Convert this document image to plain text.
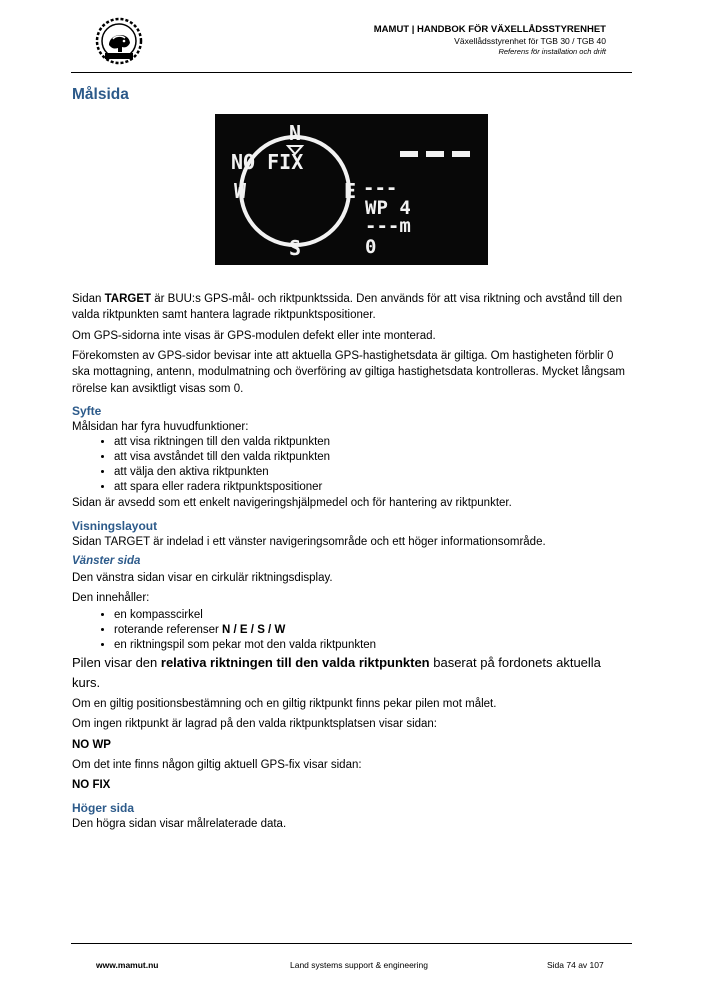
MAMUT | HANDBOK FÖR VÄXELLÅDSSTYRENHET
Växellådsstyrenhet för TGB 30 / TGB 40
Referens för installation och drift
Målsida
N
S
E
W
NO FIX
---
WP 4
---m
0

Sidan TARGET är BUU:s GPS-mål- och riktpunktssida. Den används för att visa riktning och avstånd till den valda riktpunkten samt hantera lagrade riktpunktspositioner.

Om GPS-sidorna inte visas är GPS-modulen defekt eller inte monterad.

Förekomsten av GPS-sidor bevisar inte att aktuella GPS-hastighetsdata är giltiga. Om hastigheten förblir 0 ska mottagning, antenn, modulmatning och överföring av giltiga hastighetsdata kontrolleras. Mycket långsam rörelse kan avsiktligt visas som 0.

Syfte

Målsidan har fyra huvudfunktioner:

• att visa riktningen till den valda riktpunkten
• att visa avståndet till den valda riktpunkten
• att välja den aktiva riktpunkten
• att spara eller radera riktpunktspositioner

Sidan är avsedd som ett enkelt navigeringshjälpmedel och för hantering av riktpunkter.

Visningslayout

Sidan TARGET är indelad i ett vänster navigeringsområde och ett höger informationsområde.

Vänster sida

Den vänstra sidan visar en cirkulär riktningsdisplay.

Den innehåller:

• en kompasscirkel
• roterande referenser N / E / S / W
• en riktningspil som pekar mot den valda riktpunkten

Pilen visar den relativa riktningen till den valda riktpunkten baserat på fordonets aktuella kurs.

Om en giltig positionsbestämning och en giltig riktpunkt finns pekar pilen mot målet.

Om ingen riktpunkt är lagrad på den valda riktpunktsplatsen visar sidan:

NO WP

Om det inte finns någon giltig aktuell GPS-fix visar sidan:

NO FIX

Höger sida

Den högra sidan visar målrelaterade data.

www.mamut.nu	Land systems support & engineering	Sida 74 av 107
